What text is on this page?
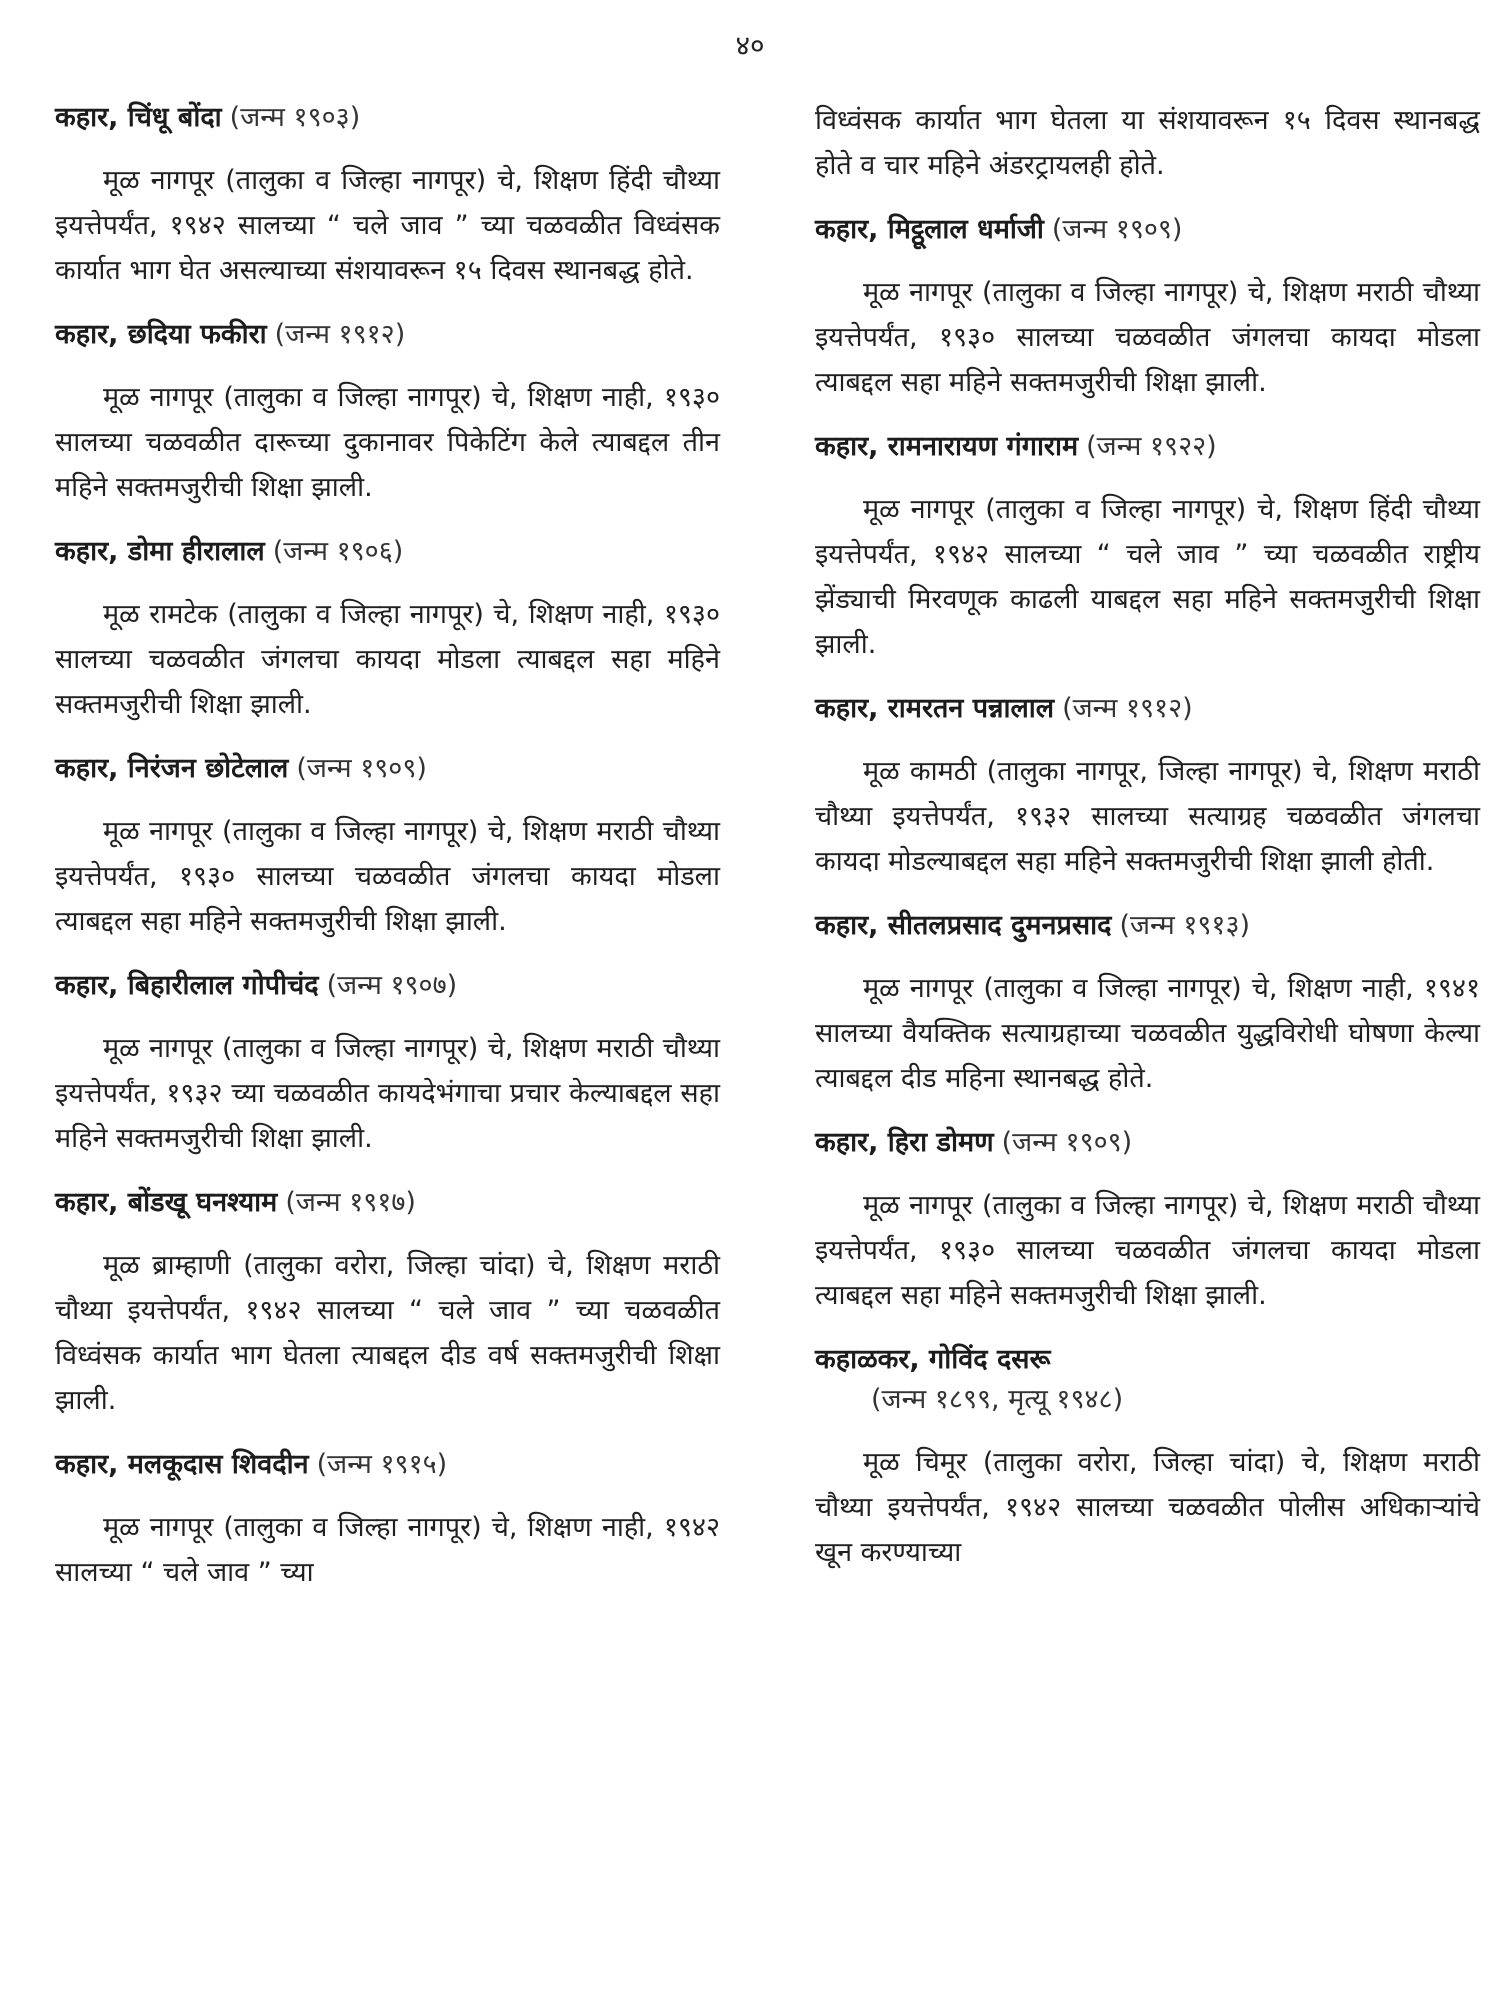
४०

कहार, चिंधू बोंदा (जन्म १९०३)

मूळ नागपूर (तालुका व जिल्हा नागपूर) चे, शिक्षण हिंदी चौथ्या इयत्तेपर्यंत, १९४२ सालच्या “ चले जाव ” च्या चळवळीत विध्वंसक कार्यात भाग घेत असल्याच्या संशयावरून १५ दिवस स्थानबद्ध होते.

कहार, छदिया फकीरा (जन्म १९१२)

मूळ नागपूर (तालुका व जिल्हा नागपूर) चे, शिक्षण नाही, १९३० सालच्या चळवळीत दारूच्या दुकानावर पिकेटिंग केले त्याबद्दल तीन महिने सक्तमजुरीची शिक्षा झाली.

कहार, डोमा हीरालाल (जन्म १९०६)

मूळ रामटेक (तालुका व जिल्हा नागपूर) चे, शिक्षण नाही, १९३० सालच्या चळवळीत जंगलचा कायदा मोडला त्याबद्दल सहा महिने सक्तमजुरीची शिक्षा झाली.

कहार, निरंजन छोटेलाल (जन्म १९०९)

मूळ नागपूर (तालुका व जिल्हा नागपूर) चे, शिक्षण मराठी चौथ्या इयत्तेपर्यंत, १९३० सालच्या चळवळीत जंगलचा कायदा मोडला त्याबद्दल सहा महिने सक्तमजुरीची शिक्षा झाली.

कहार, बिहारीलाल गोपीचंद (जन्म १९०७)

मूळ नागपूर (तालुका व जिल्हा नागपूर) चे, शिक्षण मराठी चौथ्या इयत्तेपर्यंत, १९३२ च्या चळवळीत कायदेभंगाचा प्रचार केल्याबद्दल सहा महिने सक्तमजुरीची शिक्षा झाली.

कहार, बोंडखू घनश्याम (जन्म १९१७)

मूळ ब्राम्हाणी (तालुका वरोरा, जिल्हा चांदा) चे, शिक्षण मराठी चौथ्या इयत्तेपर्यंत, १९४२ सालच्या “ चले जाव ” च्या चळवळीत विध्वंसक कार्यात भाग घेतला त्याबद्दल दीड वर्ष सक्तमजुरीची शिक्षा झाली.

कहार, मलकूदास शिवदीन (जन्म १९१५)

मूळ नागपूर (तालुका व जिल्हा नागपूर) चे, शिक्षण नाही, १९४२ सालच्या “ चले जाव ” च्या

विध्वंसक कार्यात भाग घेतला या संशयावरून १५ दिवस स्थानबद्ध होते व चार महिने अंडरट्रायलही होते.

कहार, मिट्ठूलाल धर्माजी (जन्म १९०९)

मूळ नागपूर (तालुका व जिल्हा नागपूर) चे, शिक्षण मराठी चौथ्या इयत्तेपर्यंत, १९३० सालच्या चळवळीत जंगलचा कायदा मोडला त्याबद्दल सहा महिने सक्तमजुरीची शिक्षा झाली.

कहार, रामनारायण गंगाराम (जन्म १९२२)

मूळ नागपूर (तालुका व जिल्हा नागपूर) चे, शिक्षण हिंदी चौथ्या इयत्तेपर्यंत, १९४२ सालच्या “ चले जाव ” च्या चळवळीत राष्ट्रीय झेंड्याची मिरवणूक काढली याबद्दल सहा महिने सक्तमजुरीची शिक्षा झाली.

कहार, रामरतन पन्नालाल (जन्म १९१२)

मूळ कामठी (तालुका नागपूर, जिल्हा नागपूर) चे, शिक्षण मराठी चौथ्या इयत्तेपर्यंत, १९३२ सालच्या सत्याग्रह चळवळीत जंगलचा कायदा मोडल्याबद्दल सहा महिने सक्तमजुरीची शिक्षा झाली होती.

कहार, सीतलप्रसाद दुमनप्रसाद (जन्म १९१३)

मूळ नागपूर (तालुका व जिल्हा नागपूर) चे, शिक्षण नाही, १९४१ सालच्या वैयक्तिक सत्याग्रहाच्या चळवळीत युद्धविरोधी घोषणा केल्या त्याबद्दल दीड महिना स्थानबद्ध होते.

कहार, हिरा डोमण (जन्म १९०९)

मूळ नागपूर (तालुका व जिल्हा नागपूर) चे, शिक्षण मराठी चौथ्या इयत्तेपर्यंत, १९३० सालच्या चळवळीत जंगलचा कायदा मोडला त्याबद्दल सहा महिने सक्तमजुरीची शिक्षा झाली.

कहाळकर, गोविंद दसरू
(जन्म १८९९, मृत्यू १९४८)

मूळ चिमूर (तालुका वरोरा, जिल्हा चांदा) चे, शिक्षण मराठी चौथ्या इयत्तेपर्यंत, १९४२ सालच्या चळवळीत पोलीस अधिकाऱ्यांचे खून करण्याच्या
